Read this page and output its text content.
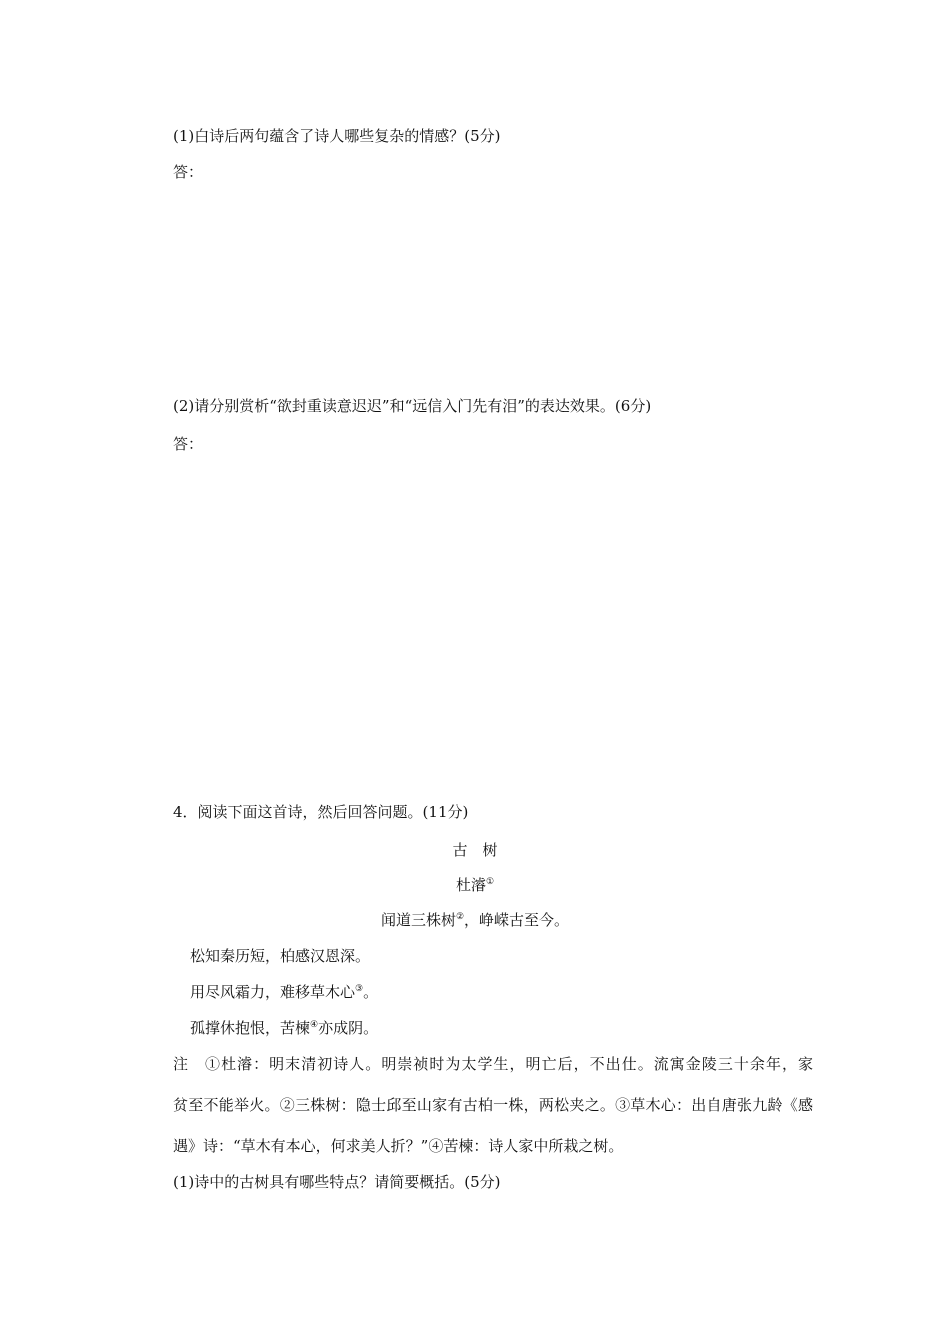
(1)白诗后两句蕴含了诗人哪些复杂的情感？(5分)
答：
(2)请分别赏析“欲封重读意迟迟”和“远信入门先有泪”的表达效果。(6分)
答：
4．阅读下面这首诗，然后回答问题。(11分)
古　树
杜濬①
闻道三株树②，峥嵘古至今。
松知秦历短，柏感汉恩深。
用尽风霜力，难移草木心③。
孤撑休抱恨，苦楝④亦成阴。
注　①杜濬：明末清初诗人。明崇祯时为太学生，明亡后，不出仕。流寓金陵三十余年，家
贫至不能举火。②三株树：隐士邱至山家有古柏一株，两松夹之。③草木心：出自唐张九龄《感
遇》诗：“草木有本心，何求美人折？”④苦楝：诗人家中所栽之树。
(1)诗中的古树具有哪些特点？请简要概括。(5分)
